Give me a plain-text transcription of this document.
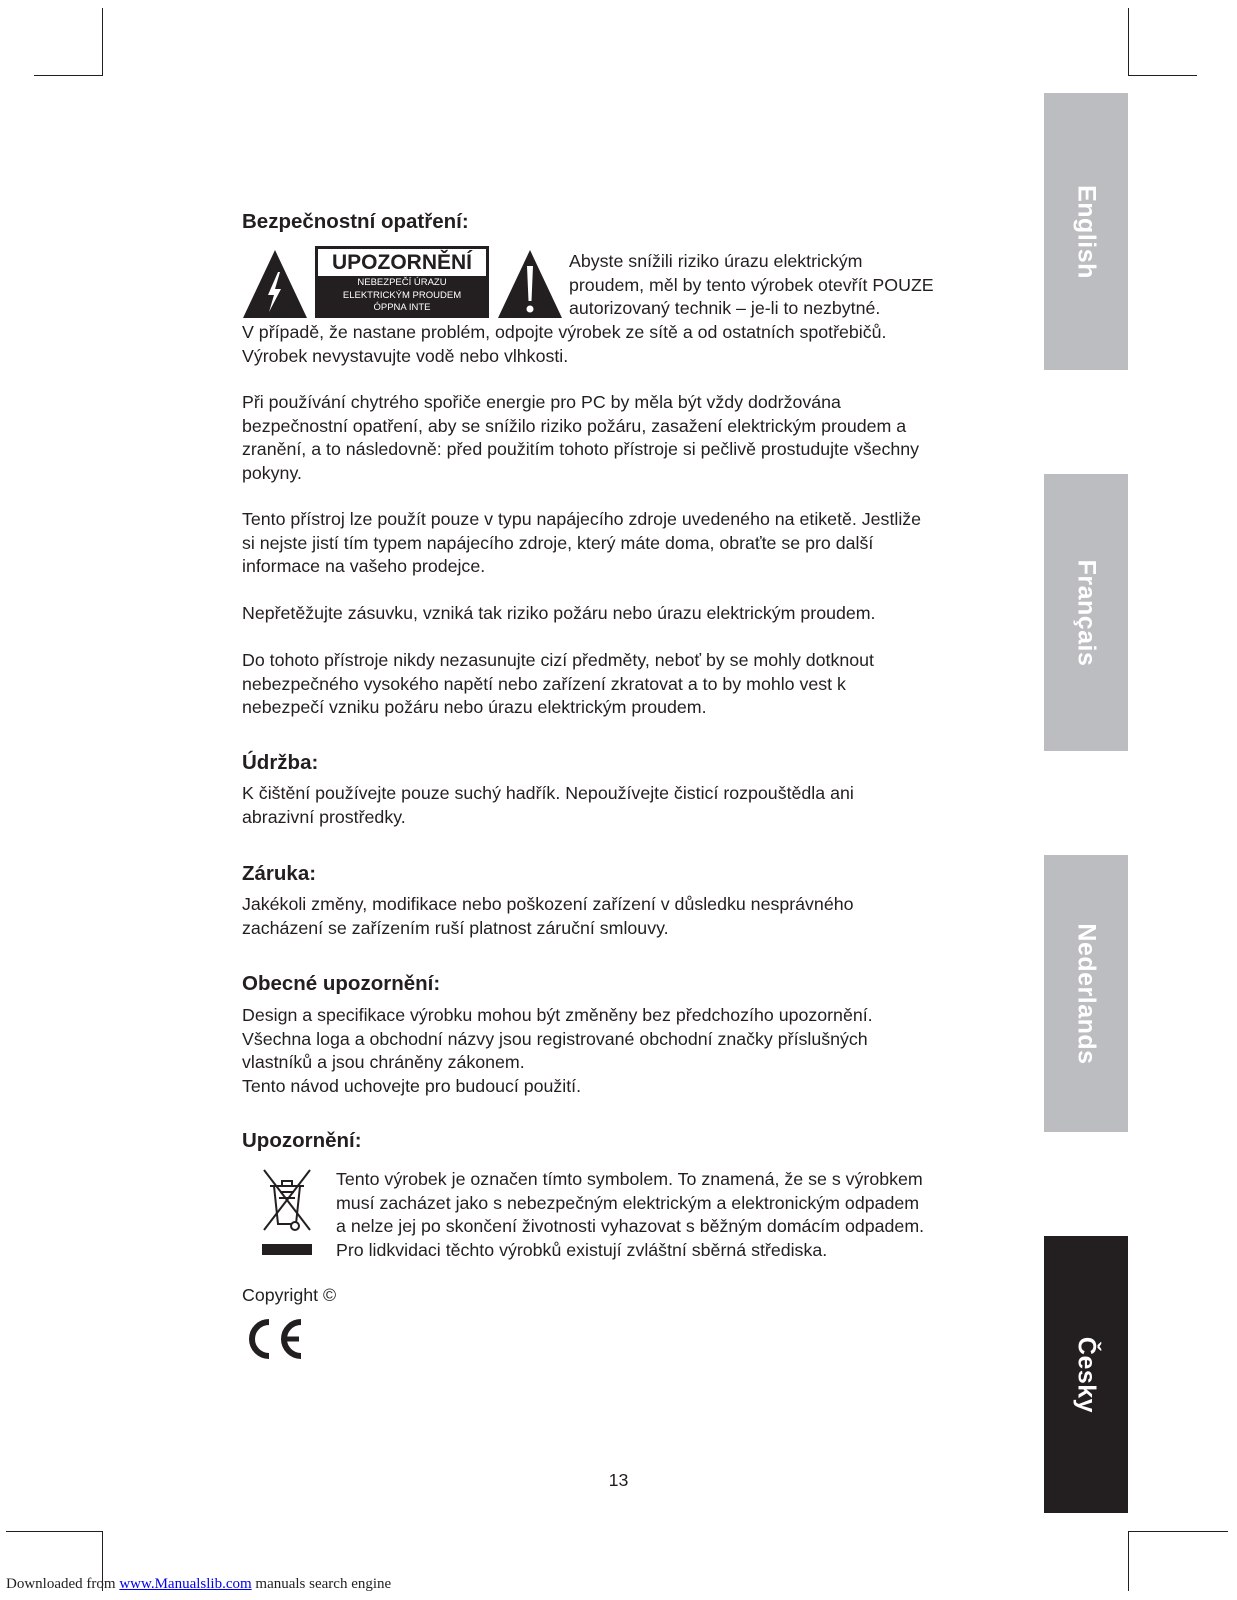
English
Français
Nederlands
Česky
Bezpečnostní opatření:
UPOZORNĚNÍ
NEBEZPEČÍ ÚRAZU
ELEKTRICKÝM PROUDEM
ÓPPNA INTE

Abyste snížili riziko úrazu elektrickým
proudem, měl by tento výrobek otevřít POUZE
autorizovaný technik – je-li to nezbytné.

V případě, že nastane problém, odpojte výrobek ze sítě a od ostatních spotřebičů.
Výrobek nevystavujte vodě nebo vlhkosti.

Při používání chytrého spořiče energie pro PC by měla být vždy dodržována
bezpečnostní opatření, aby se snížilo riziko požáru, zasažení elektrickým proudem a
zranění, a to následovně: před použitím tohoto přístroje si pečlivě prostudujte všechny
pokyny.

Tento přístroj lze použít pouze v typu napájecího zdroje uvedeného na etiketě. Jestliže
si nejste jistí tím typem napájecího zdroje, který máte doma, obraťte se pro další
informace na vašeho prodejce.

Nepřetěžujte zásuvku, vzniká tak riziko požáru nebo úrazu elektrickým proudem.

Do tohoto přístroje nikdy nezasunujte cizí předměty, neboť by se mohly dotknout
nebezpečného vysokého napětí nebo zařízení zkratovat a to by mohlo vest k
nebezpečí vzniku požáru nebo úrazu elektrickým proudem.

Údržba:

K čištění používejte pouze suchý hadřík. Nepoužívejte čisticí rozpouštědla ani
abrazivní prostředky.

Záruka:

Jakékoli změny, modifikace nebo poškození zařízení v důsledku nesprávného
zacházení se zařízením ruší platnost záruční smlouvy.

Obecné upozornění:

Design a specifikace výrobku mohou být změněny bez předchozího upozornění.
Všechna loga a obchodní názvy jsou registrované obchodní značky příslušných
vlastníků a jsou chráněny zákonem.
Tento návod uchovejte pro budoucí použití.

Upozornění:

Tento výrobek je označen tímto symbolem. To znamená, že se s výrobkem
musí zacházet jako s nebezpečným elektrickým a elektronickým odpadem
a nelze jej po skončení životnosti vyhazovat s běžným domácím odpadem.
Pro lidkvidaci těchto výrobků existují zvláštní sběrná střediska.

Copyright ©

13
Downloaded from www.Manualslib.com manuals search engine
